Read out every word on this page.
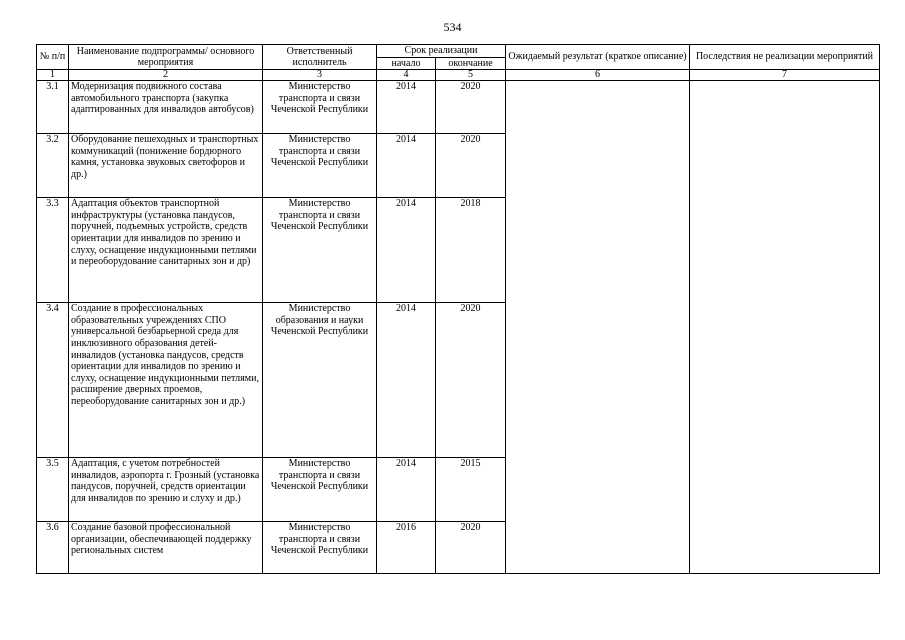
534
№ п/п	Наименование подпрограммы/ основного мероприятия	Ответственный исполнитель	Срок реализации		Ожидаемый результат (краткое описание)	Последствия не реализации мероприятий
			начало	окончание		
1	2	3	4	5	6	7
3.1	Модернизация подвижного состава автомобильного транспорта (закупка адаптированных для инвалидов автобусов)	Министерство транспорта и связи Чеченской Республики	2014	2020		
3.2	Оборудование пешеходных и транспортных коммуникаций (понижение бордюрного камня, установка звуковых светофоров и др.)	Министерство транспорта и связи Чеченской Республики	2014	2020		
3.3	Адаптация объектов транспортной инфраструктуры (установка пандусов, поручней, подъемных устройств, средств ориентации для инвалидов по зрению и слуху, оснащение индукционными петлями и переоборудование санитарных зон и др)	Министерство транспорта и связи Чеченской Республики	2014	2018		
3.4	Создание в профессиональных образовательных учреждениях СПО универсальной безбарьерной среда для инклюзивного образования детей-инвалидов (установка пандусов, средств ориентации для инвалидов по зрению и слуху, оснащение индукционными петлями, расширение дверных проемов, переоборудование санитарных зон и др.)	Министерство образования и науки Чеченской Республики	2014	2020		
3.5	Адаптация, с учетом потребностей инвалидов, аэропорта г. Грозный (установка пандусов, поручней, средств ориентации для инвалидов по зрению и слуху и др.)	Министерство транспорта и связи Чеченской Республики	2014	2015		
3.6	Создание базовой профессиональной организации, обеспечивающей поддержку региональных систем	Министерство транспорта и связи Чеченской Республики	2016	2020		
